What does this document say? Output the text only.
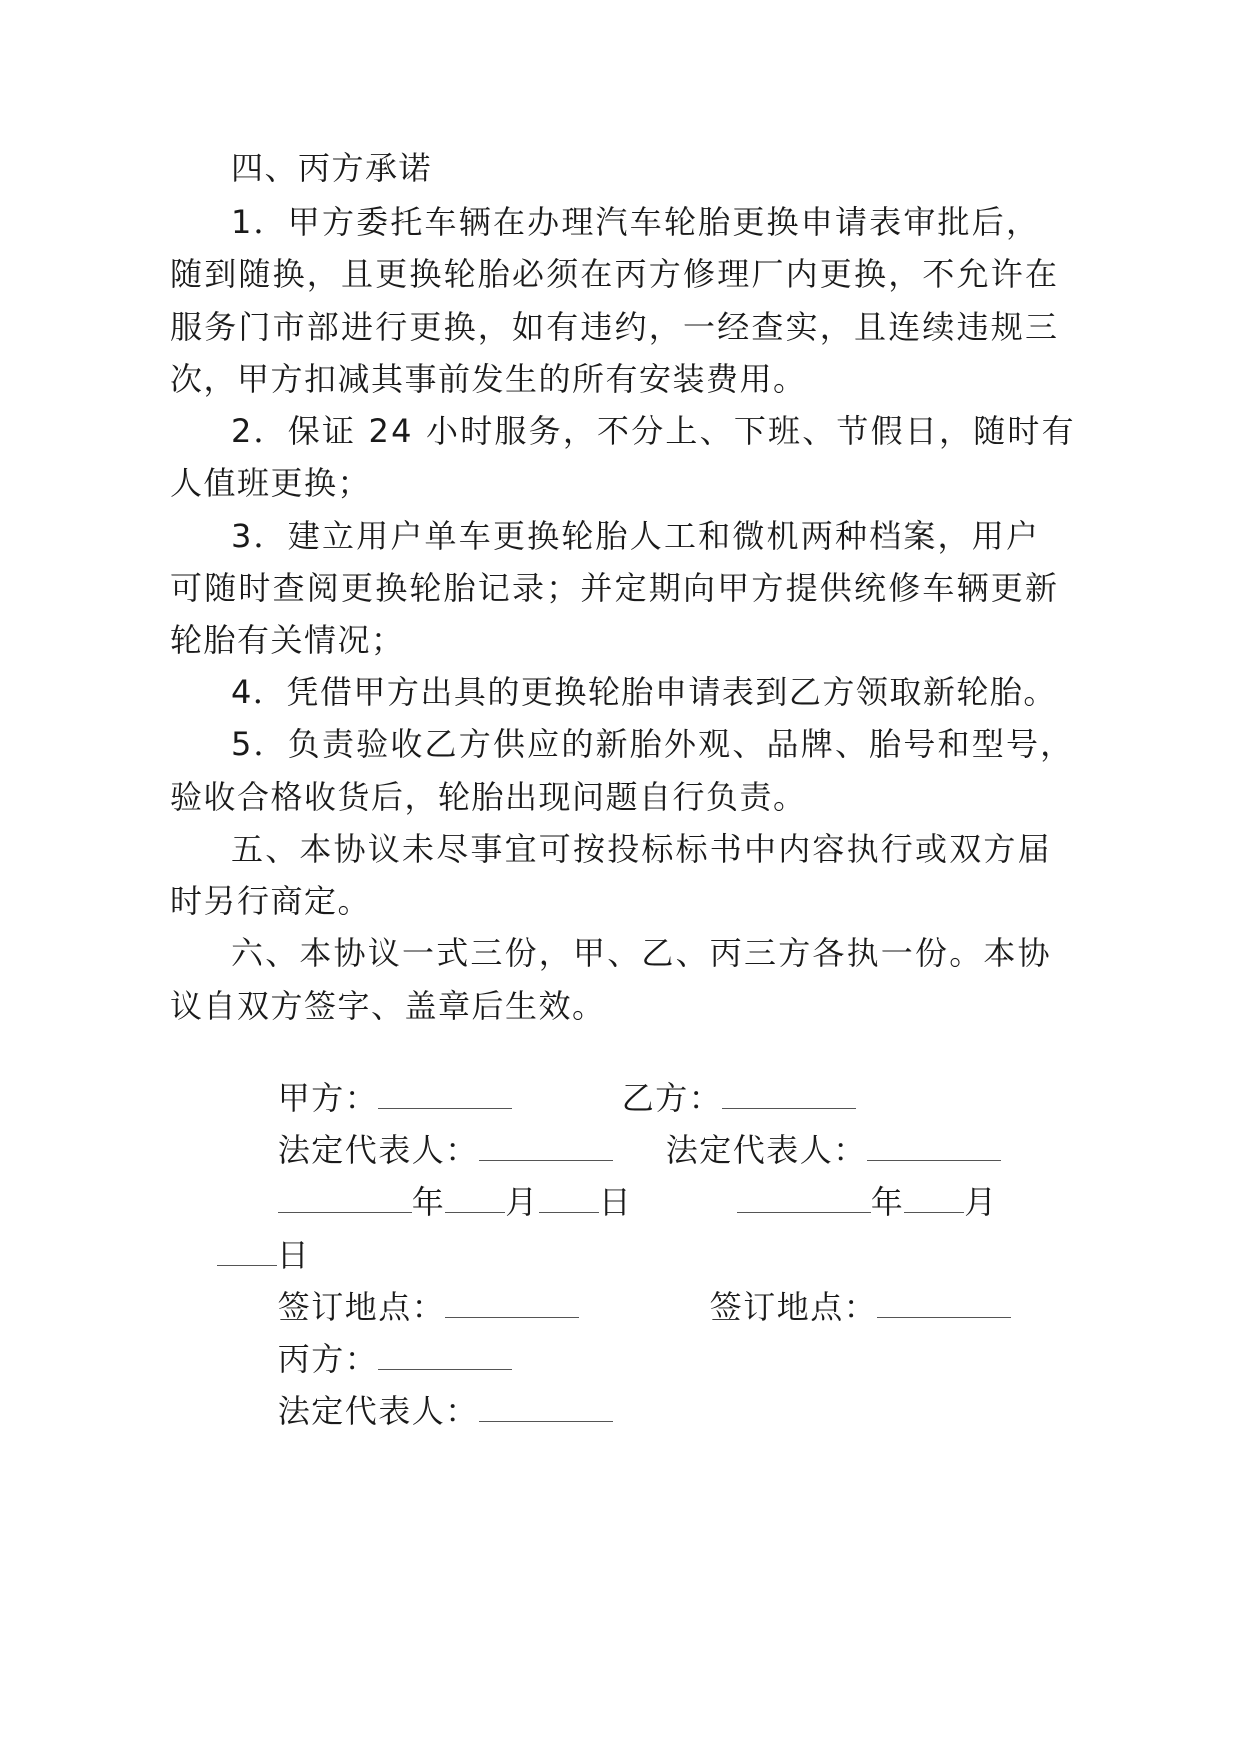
四、丙方承诺
1．甲方委托车辆在办理汽车轮胎更换申请表审批后，
随到随换，且更换轮胎必须在丙方修理厂内更换，不允许在
服务门市部进行更换，如有违约，一经查实，且连续违规三
次，甲方扣减其事前发生的所有安装费用。
2．保证 24 小时服务，不分上、下班、节假日，随时有
人值班更换；
3．建立用户单车更换轮胎人工和微机两种档案，用户
可随时查阅更换轮胎记录；并定期向甲方提供统修车辆更新
轮胎有关情况；
4．凭借甲方出具的更换轮胎申请表到乙方领取新轮胎。
5．负责验收乙方供应的新胎外观、品牌、胎号和型号，
验收合格收货后，轮胎出现问题自行负责。
五、本协议未尽事宜可按投标标书中内容执行或双方届
时另行商定。
六、本协议一式三份，甲、乙、丙三方各执一份。本协
议自双方签字、盖章后生效。

甲方：
	乙方：

法定代表人：
	法定代表人：

年 月 日
	年 月

日

签订地点：
	签订地点：

丙方：

法定代表人：
